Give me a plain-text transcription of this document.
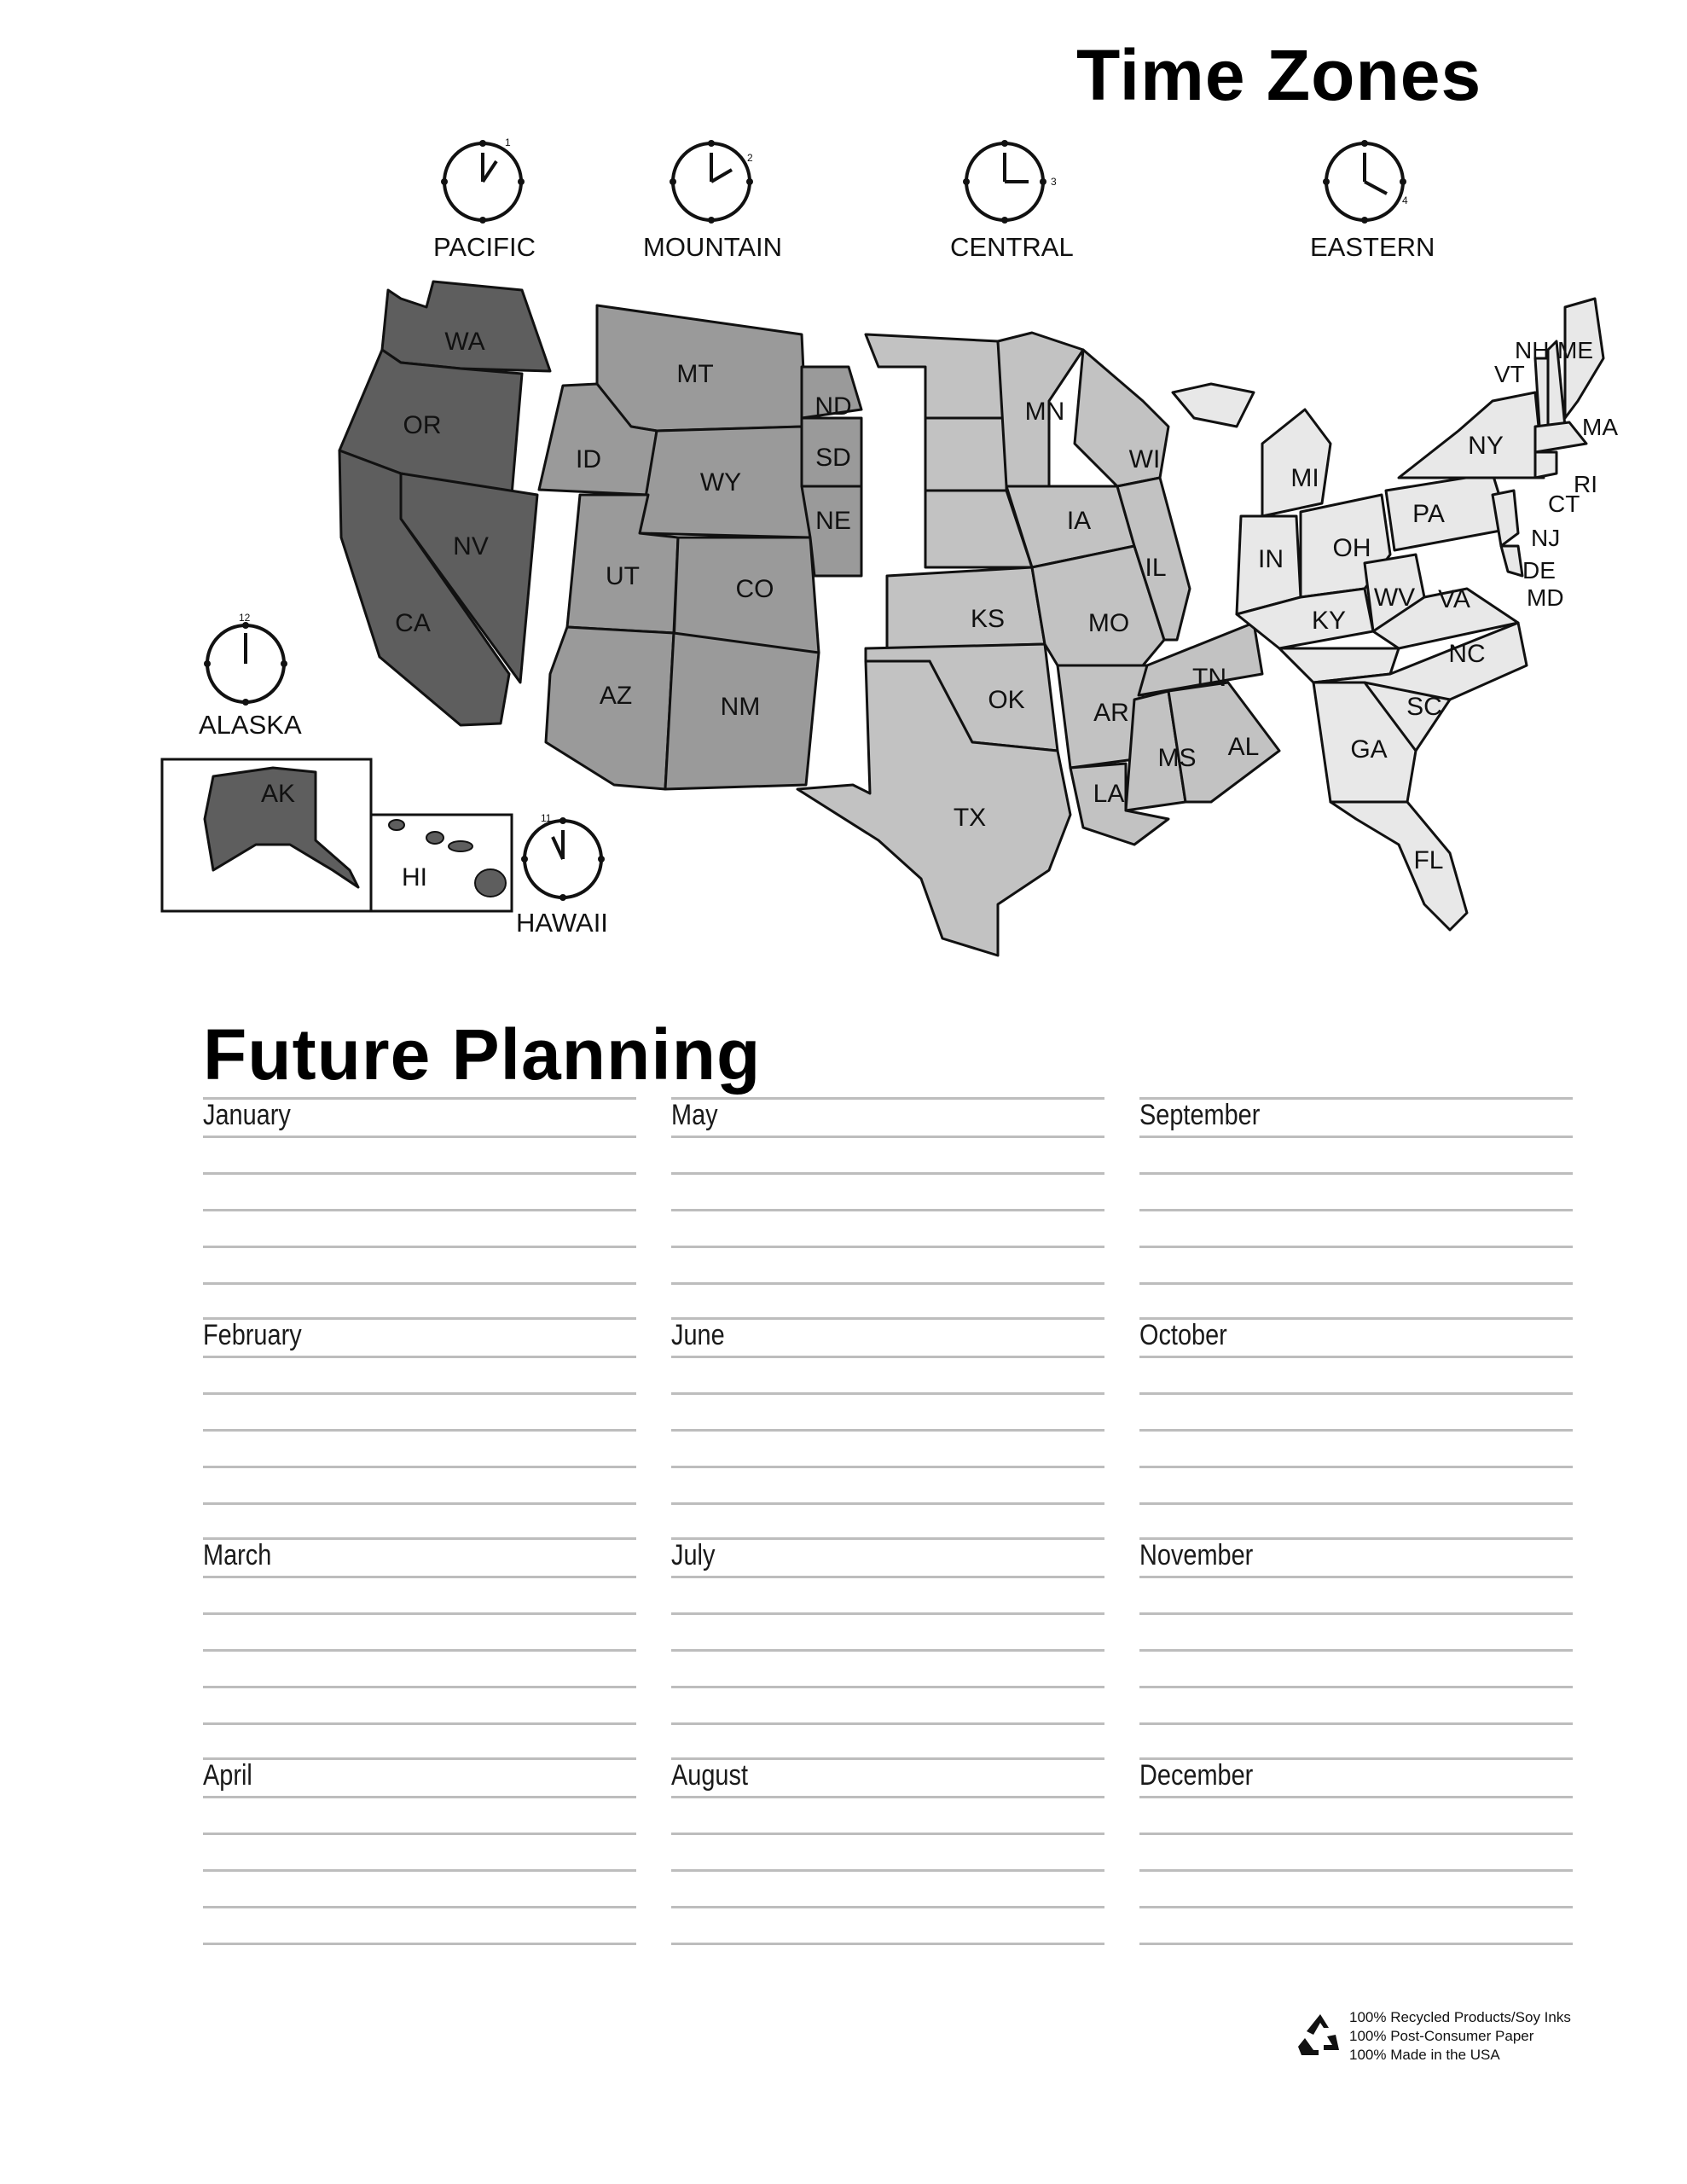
Time Zones
1
PACIFIC
2
MOUNTAIN
3
CENTRAL
4
EASTERN
12
ALASKA
11
HAWAII
WA
OR
CA
NV
AK
HI
MT
ID
WY
UT	CO
AZ	NM
ND
SD
NE
KS
OK
TX
MN
IA
MO
AR
LA
WI
IL
MS AL
TN
MI
IN OH
KY
WV VA
NC
SC
GA
FL
PA
NY
NJ
DE
MD
CT
RI
MA
VT
NH ME
Future Planning
January
February
March
April
May
June
July
August
September
October
November
December
100% Recycled Products/Soy Inks
100% Post-Consumer Paper
100% Made in the USA
